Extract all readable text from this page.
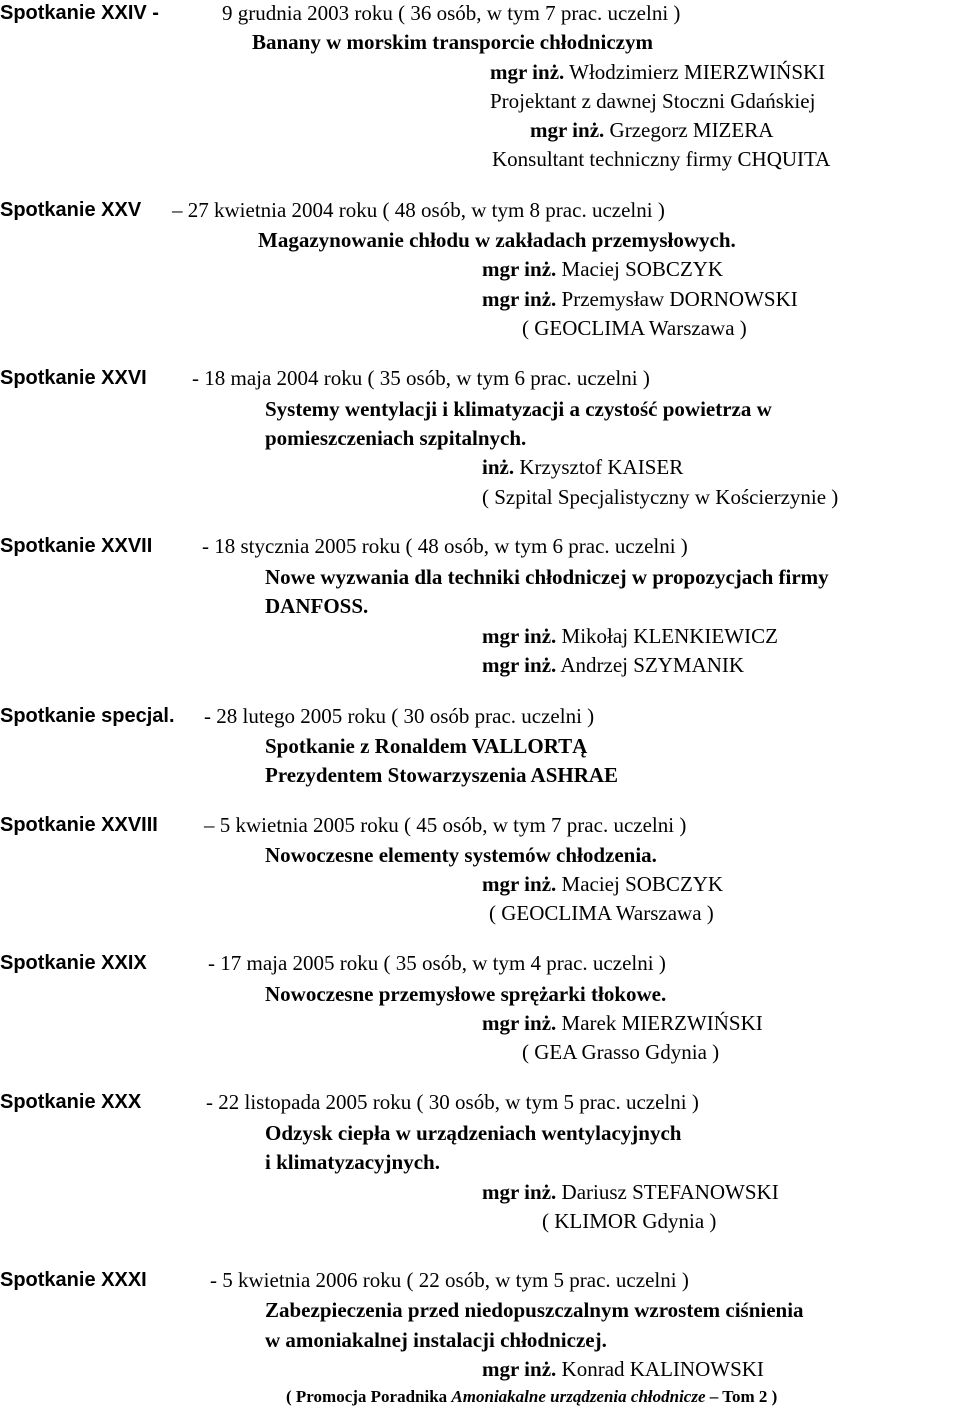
Spotkanie XXIV -	9 grudnia 2003 roku ( 36 osób, w tym 7 prac. uczelni )
Banany w morskim transporcie chłodniczym
mgr inż. Włodzimierz MIERZWIŃSKI
Projektant z dawnej Stoczni Gdańskiej
mgr inż. Grzegorz MIZERA
Konsultant techniczny firmy CHQUITA
Spotkanie XXV – 27 kwietnia 2004 roku ( 48 osób, w tym 8 prac. uczelni )
Magazynowanie chłodu w zakładach przemysłowych.
mgr inż. Maciej SOBCZYK
mgr inż. Przemysław DORNOWSKI
( GEOCLIMA Warszawa )
Spotkanie XXVI - 18 maja 2004 roku ( 35 osób, w tym 6 prac. uczelni )
Systemy wentylacji i klimatyzacji a czystość powietrza w
pomieszczeniach szpitalnych.
inż. Krzysztof KAISER
( Szpital Specjalistyczny w Kościerzynie )
Spotkanie XXVII - 18 stycznia 2005 roku ( 48 osób, w tym 6 prac. uczelni )
Nowe wyzwania dla techniki chłodniczej w propozycjach firmy
DANFOSS.
mgr inż. Mikołaj KLENKIEWICZ
mgr inż. Andrzej SZYMANIK
Spotkanie specjal. - 28 lutego 2005 roku ( 30 osób prac. uczelni )
Spotkanie z Ronaldem VALLORTĄ
Prezydentem Stowarzyszenia ASHRAE
Spotkanie XXVIII – 5 kwietnia 2005 roku ( 45 osób, w tym 7 prac. uczelni )
Nowoczesne elementy systemów chłodzenia.
mgr inż. Maciej SOBCZYK
( GEOCLIMA Warszawa )
Spotkanie XXIX	- 17 maja 2005 roku ( 35 osób, w tym 4 prac. uczelni )
Nowoczesne przemysłowe sprężarki tłokowe.
mgr inż. Marek MIERZWIŃSKI
( GEA Grasso Gdynia )
Spotkanie XXX	- 22 listopada 2005 roku ( 30 osób, w tym 5 prac. uczelni )
Odzysk ciepła w urządzeniach wentylacyjnych
i klimatyzacyjnych.
mgr inż. Dariusz STEFANOWSKI
( KLIMOR Gdynia )
Spotkanie XXXI	- 5 kwietnia 2006 roku ( 22 osób, w tym 5 prac. uczelni )
Zabezpieczenia przed niedopuszczalnym wzrostem ciśnienia
w amoniakalnej instalacji chłodniczej.
mgr inż. Konrad KALINOWSKI
( Promocja Poradnika Amoniakalne urządzenia chłodnicze – Tom 2 )
